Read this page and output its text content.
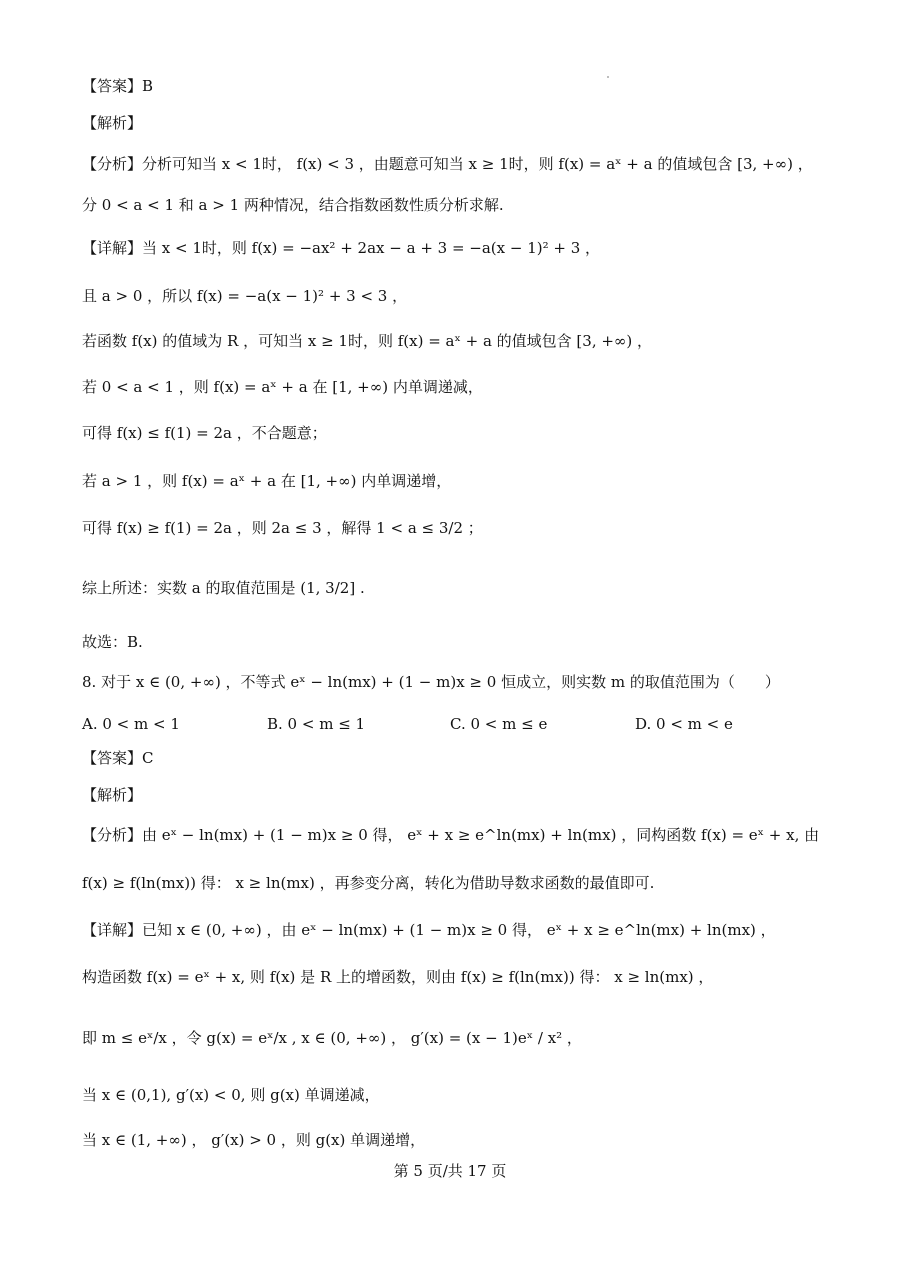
【答案】B
【解析】
【分析】分析可知当 x < 1时， f(x) < 3 ，由题意可知当 x ≥ 1时，则 f(x) = aˣ + a 的值域包含 [3, +∞) ，
分 0 < a < 1 和 a > 1 两种情况，结合指数函数性质分析求解.
【详解】当 x < 1时，则 f(x) = −ax² + 2ax − a + 3 = −a(x − 1)² + 3 ，
且 a > 0 ，所以 f(x) = −a(x − 1)² + 3 < 3 ，
若函数 f(x) 的值域为 R ，可知当 x ≥ 1时，则 f(x) = aˣ + a 的值域包含 [3, +∞) ，
若 0 < a < 1 ，则 f(x) = aˣ + a 在 [1, +∞) 内单调递减，
可得 f(x) ≤ f(1) = 2a ，不合题意；
若 a > 1 ，则 f(x) = aˣ + a 在 [1, +∞) 内单调递增，
可得 f(x) ≥ f(1) = 2a ，则 2a ≤ 3 ，解得 1 < a ≤ 3/2 ；
综上所述：实数 a 的取值范围是 (1, 3/2] .
故选：B.
8. 对于 x ∈ (0, +∞) ，不等式 eˣ − ln(mx) + (1 − m)x ≥ 0 恒成立，则实数 m 的取值范围为（　　）
A. 0 < m < 1	B. 0 < m ≤ 1	C. 0 < m ≤ e	D. 0 < m < e
【答案】C
【解析】
【分析】由 eˣ − ln(mx) + (1 − m)x ≥ 0 得， eˣ + x ≥ e^ln(mx) + ln(mx) ，同构函数 f(x) = eˣ + x, 由
f(x) ≥ f(ln(mx)) 得： x ≥ ln(mx) ，再参变分离，转化为借助导数求函数的最值即可.
【详解】已知 x ∈ (0, +∞) ，由 eˣ − ln(mx) + (1 − m)x ≥ 0 得， eˣ + x ≥ e^ln(mx) + ln(mx) ，
构造函数 f(x) = eˣ + x, 则 f(x) 是 R 上的增函数，则由 f(x) ≥ f(ln(mx)) 得： x ≥ ln(mx) ，
即 m ≤ eˣ/x ，令 g(x) = eˣ/x , x ∈ (0, +∞) ， g′(x) = (x − 1)eˣ / x² ，
当 x ∈ (0,1), g′(x) < 0, 则 g(x) 单调递减，
当 x ∈ (1, +∞) ， g′(x) > 0 ，则 g(x) 单调递增，
第 5 页/共 17 页
